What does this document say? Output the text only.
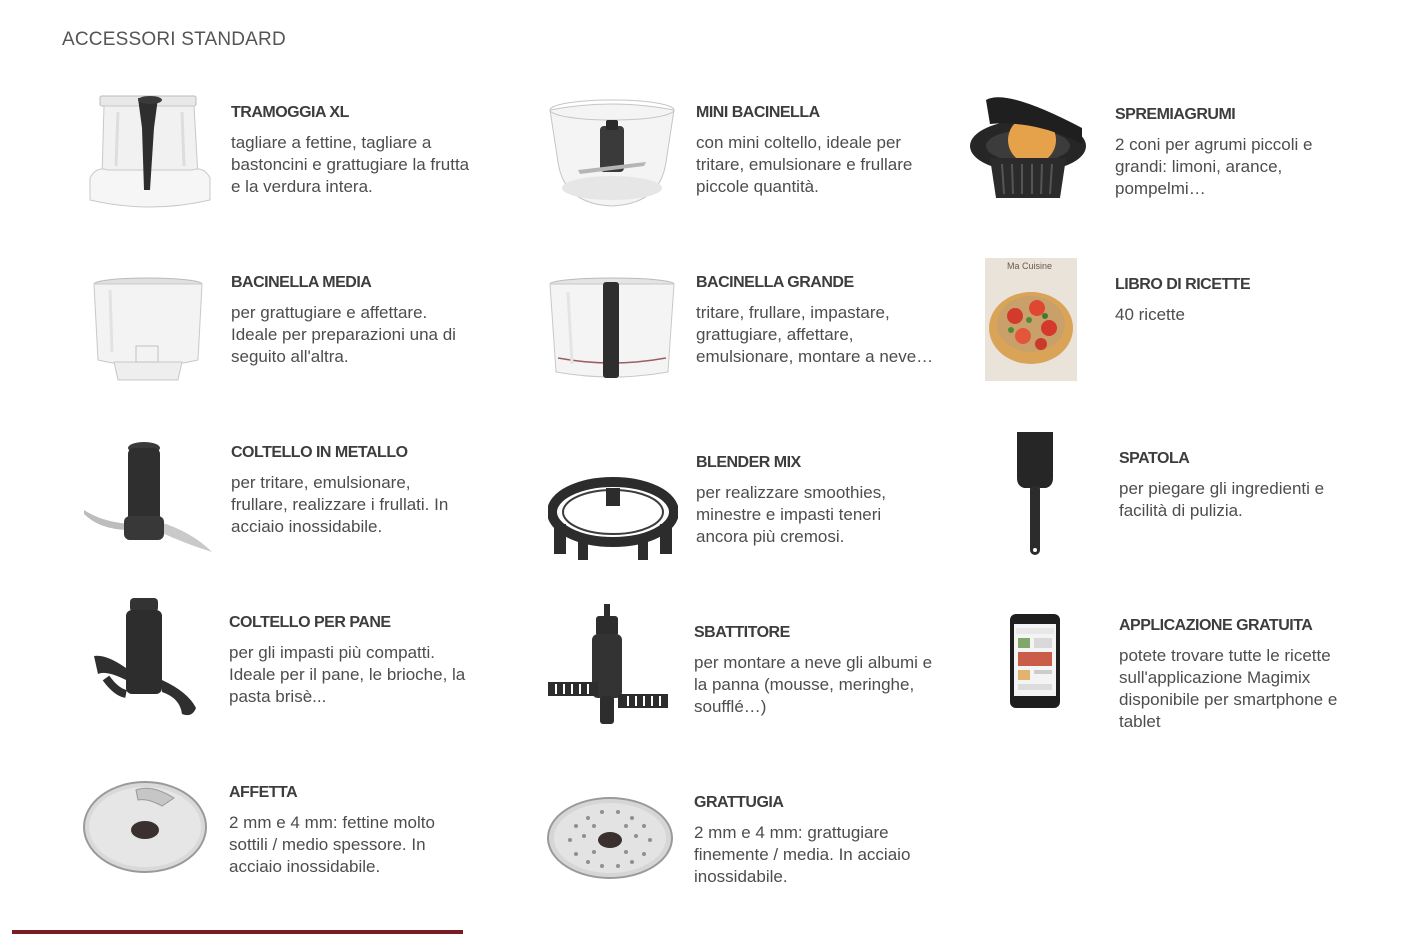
ACCESSORI STANDARD
TRAMOGGIA XL

tagliare a fettine, tagliare a bastoncini e grattugiare la frutta e la verdura intera.

MINI BACINELLA

con mini coltello, ideale per tritare, emulsionare e frullare piccole quantità.

SPREMIAGRUMI

2 coni per agrumi piccoli e grandi: limoni, arance, pompelmi…

BACINELLA MEDIA

per grattugiare e affettare. Ideale per preparazioni una di seguito all'altra.

BACINELLA GRANDE

tritare, frullare, impastare, grattugiare, affettare, emulsionare, montare a neve…

Ma Cuisine
LIBRO DI RICETTE

40 ricette

COLTELLO IN METALLO

per tritare, emulsionare, frullare, realizzare i frullati. In acciaio inossidabile.

BLENDER MIX

per realizzare smoothies, minestre e impasti teneri ancora più cremosi.

SPATOLA

per piegare gli ingredienti e facilità di pulizia.

COLTELLO PER PANE

per gli impasti più compatti. Ideale per il pane, le brioche, la pasta brisè...

SBATTITORE

per montare a neve gli albumi e la panna (mousse, meringhe, soufflé…)

APPLICAZIONE GRATUITA

potete trovare tutte le ricette sull'applicazione Magimix disponibile per smartphone e tablet

AFFETTA

2 mm e 4 mm: fettine molto sottili / medio spessore. In acciaio inossidabile.

GRATTUGIA

2 mm e 4 mm: grattugiare finemente / media. In acciaio inossidabile.
